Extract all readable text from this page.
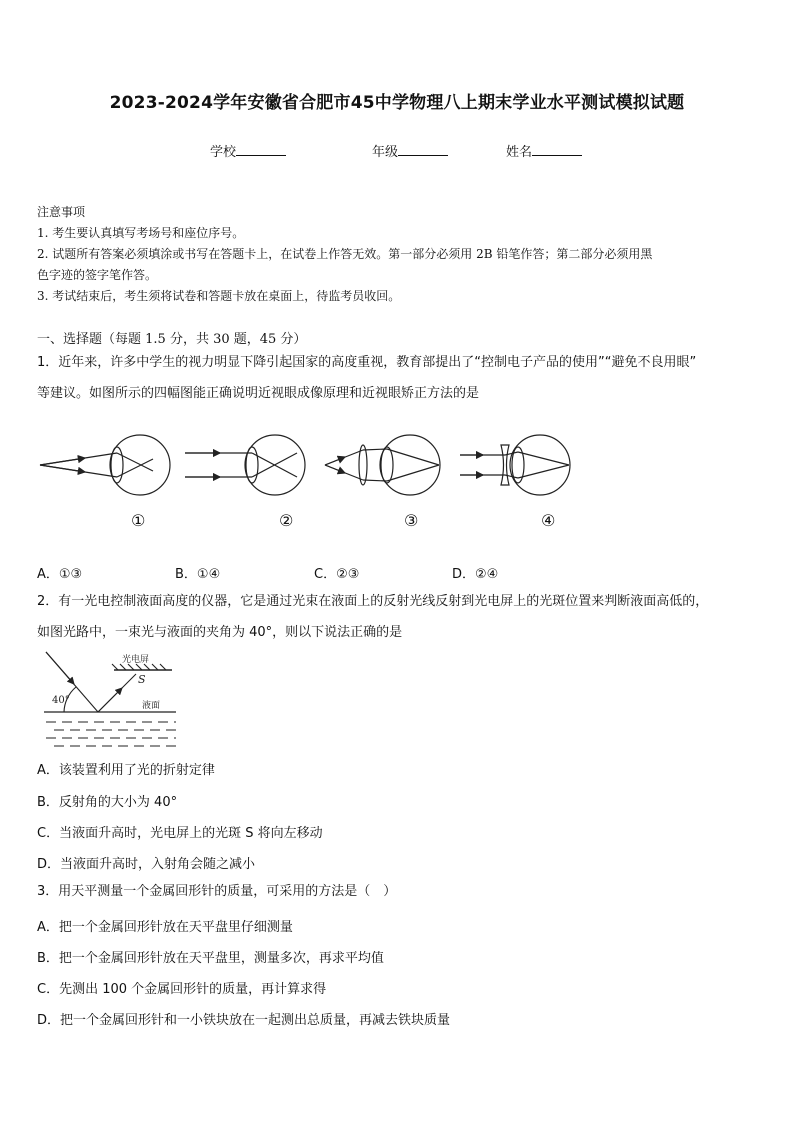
2023-2024学年安徽省合肥市45中学物理八上期末学业水平测试模拟试题
学校	年级	姓名
注意事项
1. 考生要认真填写考场号和座位序号。
2. 试题所有答案必须填涂或书写在答题卡上，在试卷上作答无效。第一部分必须用 2B 铅笔作答；第二部分必须用黑
色字迹的签字笔作答。
3. 考试结束后，考生须将试卷和答题卡放在桌面上，待监考员收回。
一、选择题（每题 1.5 分，共 30 题，45 分）
1．近年来，许多中学生的视力明显下降引起国家的高度重视，教育部提出了“控制电子产品的使用”“避免不良用眼”
等建议。如图所示的四幅图能正确说明近视眼成像原理和近视眼矫正方法的是
①	②	③	④
A．①③	B．①④	C．②③	D．②④
2．有一光电控制液面高度的仪器，它是通过光束在液面上的反射光线反射到光电屏上的光斑位置来判断液面高低的，
如图光路中，一束光与液面的夹角为 40°，则以下说法正确的是
光电屏
S
液面
40°
A．该装置利用了光的折射定律
B．反射角的大小为 40°
C．当液面升高时，光电屏上的光斑 S 将向左移动
D．当液面升高时，入射角会随之减小
3．用天平测量一个金属回形针的质量，可采用的方法是（　）
A．把一个金属回形针放在天平盘里仔细测量
B．把一个金属回形针放在天平盘里，测量多次，再求平均值
C．先测出 100 个金属回形针的质量，再计算求得
D．把一个金属回形针和一小铁块放在一起测出总质量，再减去铁块质量
